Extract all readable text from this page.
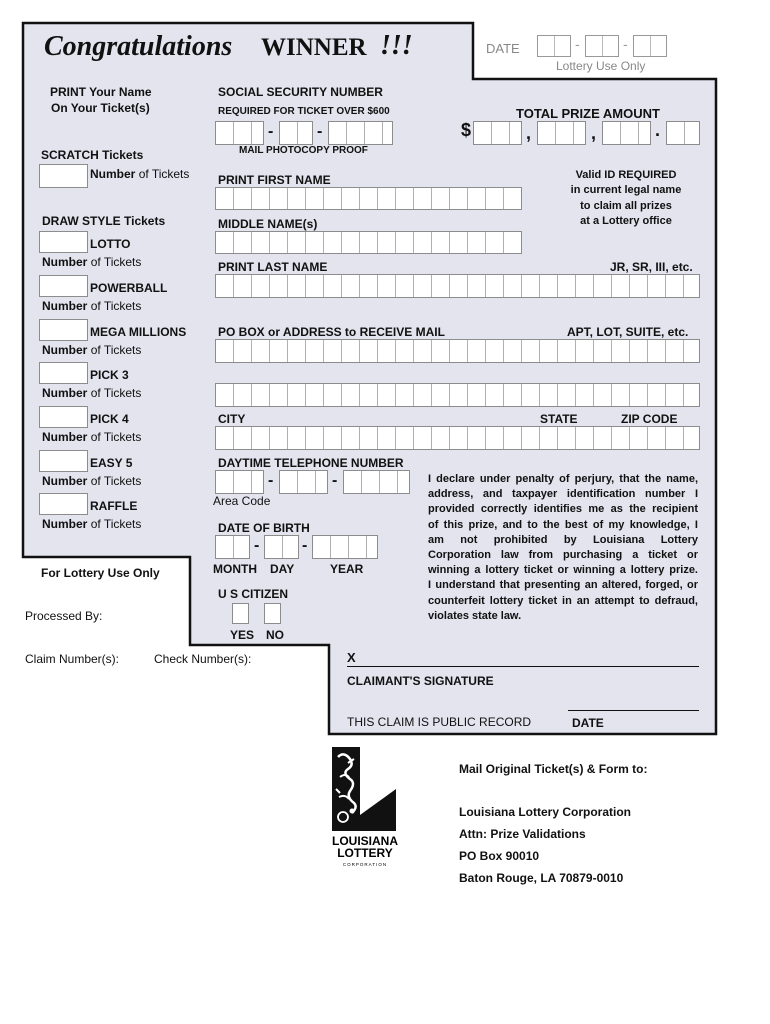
Congratulations WINNER !!!	DATE	-	-
Lottery Use Only
PRINT Your Name
On Your Ticket(s)
SCRATCH Tickets
Number of Tickets
DRAW STYLE Tickets
LOTTO
Number of Tickets
POWERBALL
Number of Tickets
MEGA MILLIONS
Number of Tickets
PICK 3
Number of Tickets
PICK 4
Number of Tickets
EASY 5
Number of Tickets
RAFFLE
Number of Tickets
SOCIAL SECURITY NUMBER
REQUIRED FOR TICKET OVER $600
-	-
MAIL PHOTOCOPY PROOF
TOTAL PRIZE AMOUNT
$	,	,	.
Valid ID REQUIRED
in current legal name
to claim all prizes
at a Lottery office
PRINT FIRST NAME
MIDDLE NAME(s)
PRINT LAST NAME	JR, SR, III, etc.
PO BOX or ADDRESS to RECEIVE MAIL	APT, LOT, SUITE, etc.
CITY	STATE	ZIP CODE
DAYTIME TELEPHONE NUMBER
-	-
Area Code
DATE OF BIRTH
-	-
MONTH DAY	YEAR
U S CITIZEN
YES NO
I declare under penalty of perjury, that the name,
address, and taxpayer identification number I
provided correctly identifies me as the recipient
of this prize, and to the best of my knowledge, I
am not prohibited by Louisiana Lottery
Corporation law from purchasing a ticket or
winning a lottery ticket or winning a lottery prize.
I understand that presenting an altered, forged, or
counterfeit lottery ticket in an attempt to defraud,
violates state law.
X
CLAIMANT'S SIGNATURE
THIS CLAIM IS PUBLIC RECORD	DATE
For Lottery Use Only
Processed By:
Claim Number(s):	Check Number(s):
LOUISIANA
LOTTERY
CORPORATION
Mail Original Ticket(s) & Form to:
Louisiana Lottery Corporation
Attn: Prize Validations
PO Box 90010
Baton Rouge, LA 70879-0010
